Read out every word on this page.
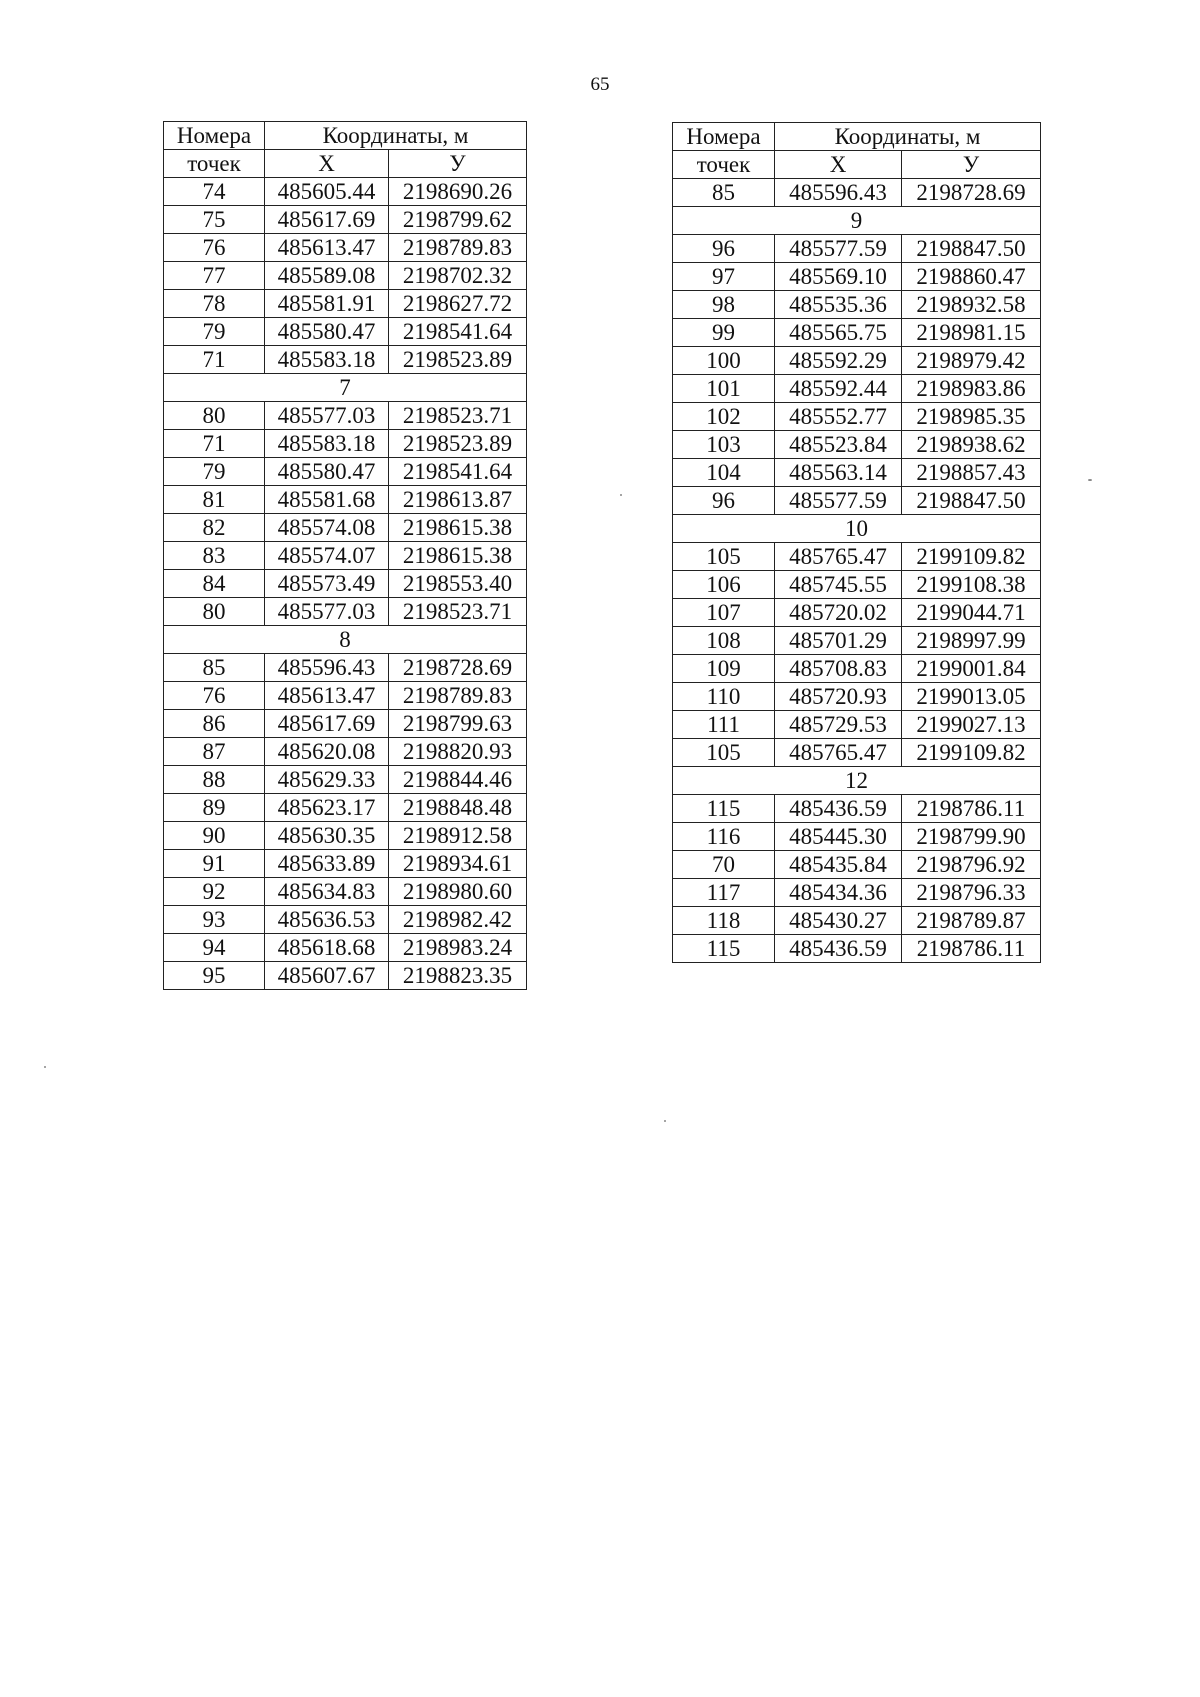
65
Номера	Координаты, м	
точек	Х	У
74	485605.44	2198690.26
75	485617.69	2198799.62
76	485613.47	2198789.83
77	485589.08	2198702.32
78	485581.91	2198627.72
79	485580.47	2198541.64
71	485583.18	2198523.89
7		
80	485577.03	2198523.71
71	485583.18	2198523.89
79	485580.47	2198541.64
81	485581.68	2198613.87
82	485574.08	2198615.38
83	485574.07	2198615.38
84	485573.49	2198553.40
80	485577.03	2198523.71
8		
85	485596.43	2198728.69
76	485613.47	2198789.83
86	485617.69	2198799.63
87	485620.08	2198820.93
88	485629.33	2198844.46
89	485623.17	2198848.48
90	485630.35	2198912.58
91	485633.89	2198934.61
92	485634.83	2198980.60
93	485636.53	2198982.42
94	485618.68	2198983.24
95	485607.67	2198823.35
Номера	Координаты, м	
точек	Х	У
85	485596.43	2198728.69
9		
96	485577.59	2198847.50
97	485569.10	2198860.47
98	485535.36	2198932.58
99	485565.75	2198981.15
100	485592.29	2198979.42
101	485592.44	2198983.86
102	485552.77	2198985.35
103	485523.84	2198938.62
104	485563.14	2198857.43
96	485577.59	2198847.50
10		
105	485765.47	2199109.82
106	485745.55	2199108.38
107	485720.02	2199044.71
108	485701.29	2198997.99
109	485708.83	2199001.84
110	485720.93	2199013.05
111	485729.53	2199027.13
105	485765.47	2199109.82
12		
115	485436.59	2198786.11
116	485445.30	2198799.90
70	485435.84	2198796.92
117	485434.36	2198796.33
118	485430.27	2198789.87
115	485436.59	2198786.11
